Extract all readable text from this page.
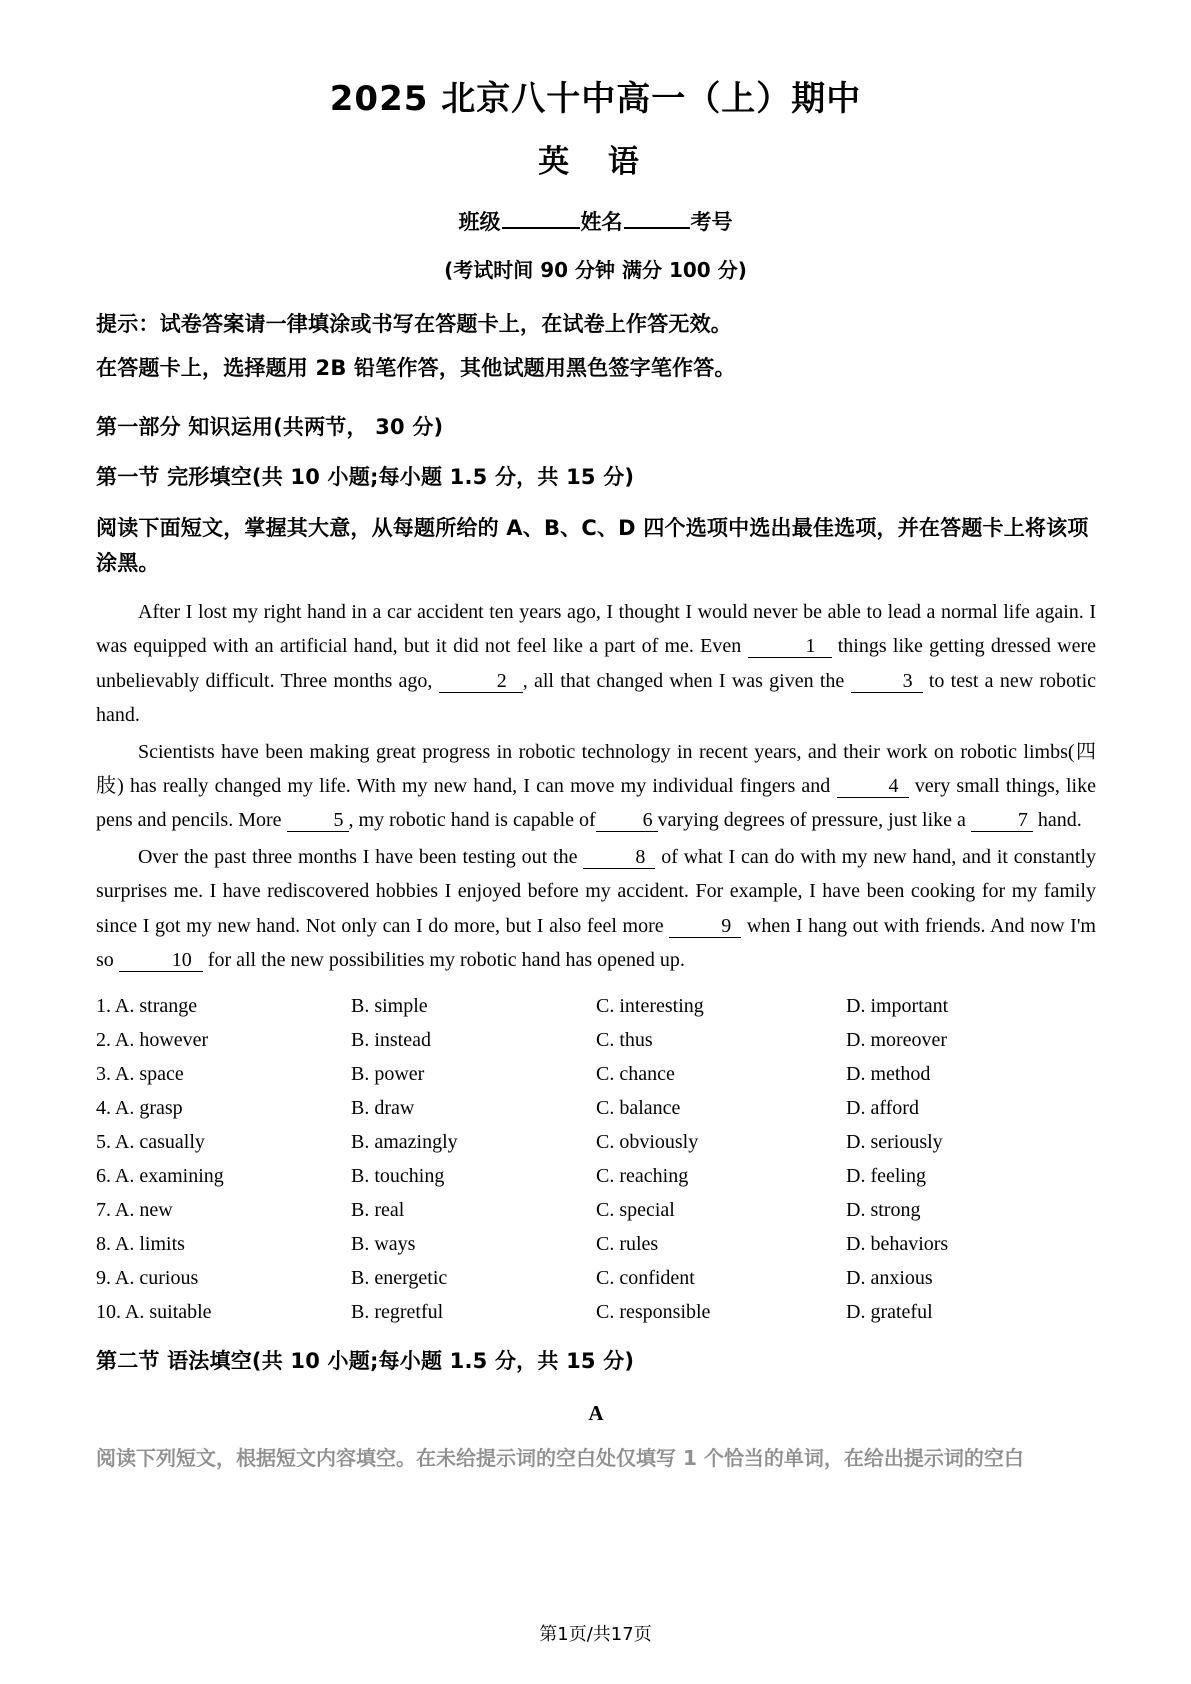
2025 北京八十中高一（上）期中
英 语

班级	姓名	考号

(考试时间 90 分钟 满分 100 分)

提示：试卷答案请一律填涂或书写在答题卡上，在试卷上作答无效。

在答题卡上，选择题用 2B 铅笔作答，其他试题用黑色签字笔作答。

第一部分 知识运用(共两节， 30 分)

第一节 完形填空(共 10 小题;每小题 1.5 分，共 15 分)

阅读下面短文，掌握其大意，从每题所给的 A、B、C、D 四个选项中选出最佳选项，并在答题卡上将该项涂黑。

After I lost my right hand in a car accident ten years ago, I thought I would never be able to lead a normal life again. I was equipped with an artificial hand, but it did not feel like a part of me. Even	1 things like getting dressed were unbelievably difficult. Three months ago,	2 , all that changed when I was given the	3 to test a new robotic hand.

Scientists have been making great progress in robotic technology in recent years, and their work on robotic limbs(四肢) has really changed my life. With my new hand, I can move my individual fingers and	4 very small things, like pens and pencils. More	5 , my robotic hand is capable of 6 varying degrees of pressure, just like a	7 hand.

Over the past three months I have been testing out the	8 of what I can do with my new hand, and it constantly surprises me. I have rediscovered hobbies I enjoyed before my accident. For example, I have been cooking for my family since I got my new hand. Not only can I do more, but I also feel more	9 when I hang out with friends. And now I'm so	10 for all the new possibilities my robotic hand has opened up.

1. A. strange	B. simple	C. interesting	D. important
2. A. however	B. instead	C. thus	D. moreover
3. A. space	B. power	C. chance	D. method
4. A. grasp	B. draw	C. balance	D. afford
5. A. casually	B. amazingly	C. obviously	D. seriously
6. A. examining	B. touching	C. reaching	D. feeling
7. A. new	B. real	C. special	D. strong
8. A. limits	B. ways	C. rules	D. behaviors
9. A. curious	B. energetic	C. confident	D. anxious
10. A. suitable	B. regretful	C. responsible	D. grateful

第二节 语法填空(共 10 小题;每小题 1.5 分，共 15 分)

A

阅读下列短文，根据短文内容填空。在未给提示词的空白处仅填写 1 个恰当的单词，在给出提示词的空白

第1页/共17页
